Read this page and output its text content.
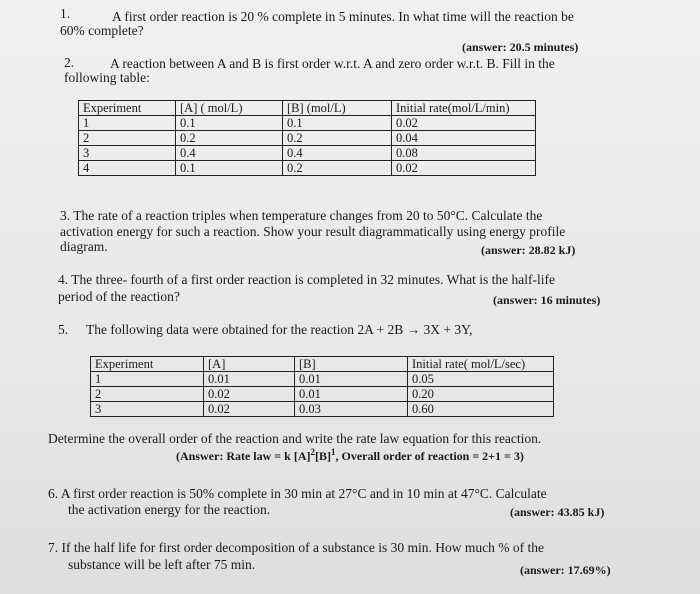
1.	A first order reaction is 20 % complete in 5 minutes. In what time will the reaction be
60% complete?
(answer: 20.5 minutes)
2.	A reaction between A and B is first order w.r.t. A and zero order w.r.t. B. Fill in the
following table:
Experiment	[A] ( mol/L)	[B] (mol/L)	Initial rate(mol/L/min)
1	0.1	0.1	0.02
2	0.2	0.2	0.04
3	0.4	0.4	0.08
4	0.1	0.2	0.02
3. The rate of a reaction triples when temperature changes from 20 to 50°C. Calculate the
activation energy for such a reaction. Show your result diagrammatically using energy profile
diagram.	(answer: 28.82 kJ)
4. The three- fourth of a first order reaction is completed in 32 minutes. What is the half-life
period of the reaction?	(answer: 16 minutes)
5. The following data were obtained for the reaction 2A + 2B → 3X + 3Y,
Experiment	[A]	[B]	Initial rate( mol/L/sec)
1	0.01	0.01	0.05
2	0.02	0.01	0.20
3	0.02	0.03	0.60
Determine the overall order of the reaction and write the rate law equation for this reaction.
(Answer: Rate law = k $[A]^2[B]^1$, Overall order of reaction = 2+1 = 3)
6. A first order reaction is 50% complete in 30 min at 27°C and in 10 min at 47°C. Calculate
the activation energy for the reaction.	(answer: 43.85 kJ)
7. If the half life for first order decomposition of a substance is 30 min. How much % of the
substance will be left after 75 min.	(answer: 17.69%)
